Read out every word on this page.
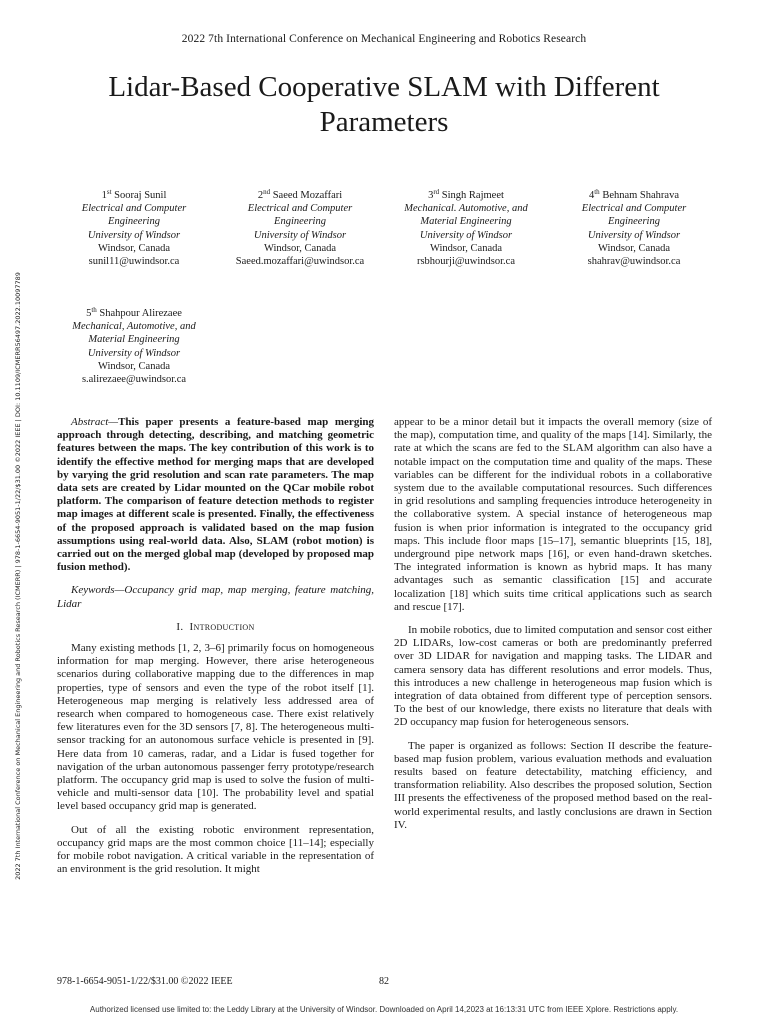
2022 7th International Conference on Mechanical Engineering and Robotics Research
Lidar-Based Cooperative SLAM with Different Parameters
2022 7th International Conference on Mechanical Engineering and Robotics Research (ICMERR) | 978-1-6654-9051-1/22/$31.00 ©2022 IEEE | DOI: 10.1109/ICMERR56497.2022.10097789
1st Sooraj Sunil
Electrical and Computer
Engineering
University of Windsor
Windsor, Canada
sunil11@uwindsor.ca
2nd Saeed Mozaffari
Electrical and Computer
Engineering
University of Windsor
Windsor, Canada
Saeed.mozaffari@uwindsor.ca
3rd Singh Rajmeet
Mechanical. Automotive, and
Material Engineering
University of Windsor
Windsor, Canada
rsbhourji@uwindsor.ca
4th Behnam Shahrava
Electrical and Computer
Engineering
University of Windsor
Windsor, Canada
shahrav@uwindsor.ca
5th Shahpour Alirezaee
Mechanical, Automotive, and
Material Engineering
University of Windsor
Windsor, Canada
s.alirezaee@uwindsor.ca

Abstract—This paper presents a feature-based map merging approach through detecting, describing, and matching geometric features between the maps. The key contribution of this work is to identify the effective method for merging maps that are developed by varying the grid resolution and scan rate parameters. The map data sets are created by Lidar mounted on the QCar mobile robot platform. The comparison of feature detection methods to register map images at different scale is presented. Finally, the effectiveness of the proposed approach is validated based on the map fusion assumptions using real-world data. Also, SLAM (robot motion) is carried out on the merged global map (developed by proposed map fusion method).

Keywords—Occupancy grid map, map merging, feature matching, Lidar

I. Introduction

Many existing methods [1, 2, 3–6] primarily focus on homogeneous information for map merging. However, there arise heterogeneous scenarios during collaborative mapping due to the differences in map properties, type of sensors and even the type of the robot itself [1]. Heterogeneous map merging is relatively less addressed area of research when compared to homogeneous case. There exist relatively few literatures even for the 3D sensors [7, 8]. The heterogeneous multi-sensor tracking for an autonomous surface vehicle is presented in [9]. Here data from 10 cameras, radar, and a Lidar is fused together for navigation of the urban autonomous passenger ferry prototype/research platform. The occupancy grid map is used to solve the fusion of multi-vehicle and multi-sensor data [10]. The probability level and spatial level based occupancy grid map is generated.

Out of all the existing robotic environment representation, occupancy grid maps are the most common choice [11–14]; especially for mobile robot navigation. A critical variable in the representation of an environment is the grid resolution. It might

appear to be a minor detail but it impacts the overall memory (size of the map), computation time, and quality of the maps [14]. Similarly, the rate at which the scans are fed to the SLAM algorithm can also have a notable impact on the computation time and quality of the maps. These variables can be different for the individual robots in a collaborative system due to the available computational resources. Such differences in grid resolutions and sampling frequencies introduce heterogeneity in the collaborative system. A special instance of heterogeneous map fusion is when prior information is integrated to the occupancy grid maps. This include floor maps [15–17], semantic blueprints [15, 18], underground pipe network maps [16], or even hand-drawn sketches. The integrated information is known as hybrid maps. It has many advantages such as semantic classification [15] and accurate localization [18] which suits time critical applications such as search and rescue [17].

In mobile robotics, due to limited computation and sensor cost either 2D LIDARs, low-cost cameras or both are predominantly preferred over 3D LIDAR for navigation and mapping tasks. The LIDAR and camera sensory data has different resolutions and error models. Thus, this introduces a new challenge in heterogeneous map fusion which is integration of data obtained from different type of perception sensors. To the best of our knowledge, there exists no literature that deals with 2D occupancy map fusion for heterogeneous sensors.

The paper is organized as follows: Section II describe the feature-based map fusion problem, various evaluation methods and evaluation results based on feature detectability, matching efficiency, and transformation reliability. Also describes the proposed solution, Section III presents the effectiveness of the proposed method based on the real-world experimental results, and lastly conclusions are drawn in Section IV.

978-1-6654-9051-1/22/$31.00 ©2022 IEEE	82
Authorized licensed use limited to: the Leddy Library at the University of Windsor. Downloaded on April 14,2023 at 16:13:31 UTC from IEEE Xplore. Restrictions apply.
